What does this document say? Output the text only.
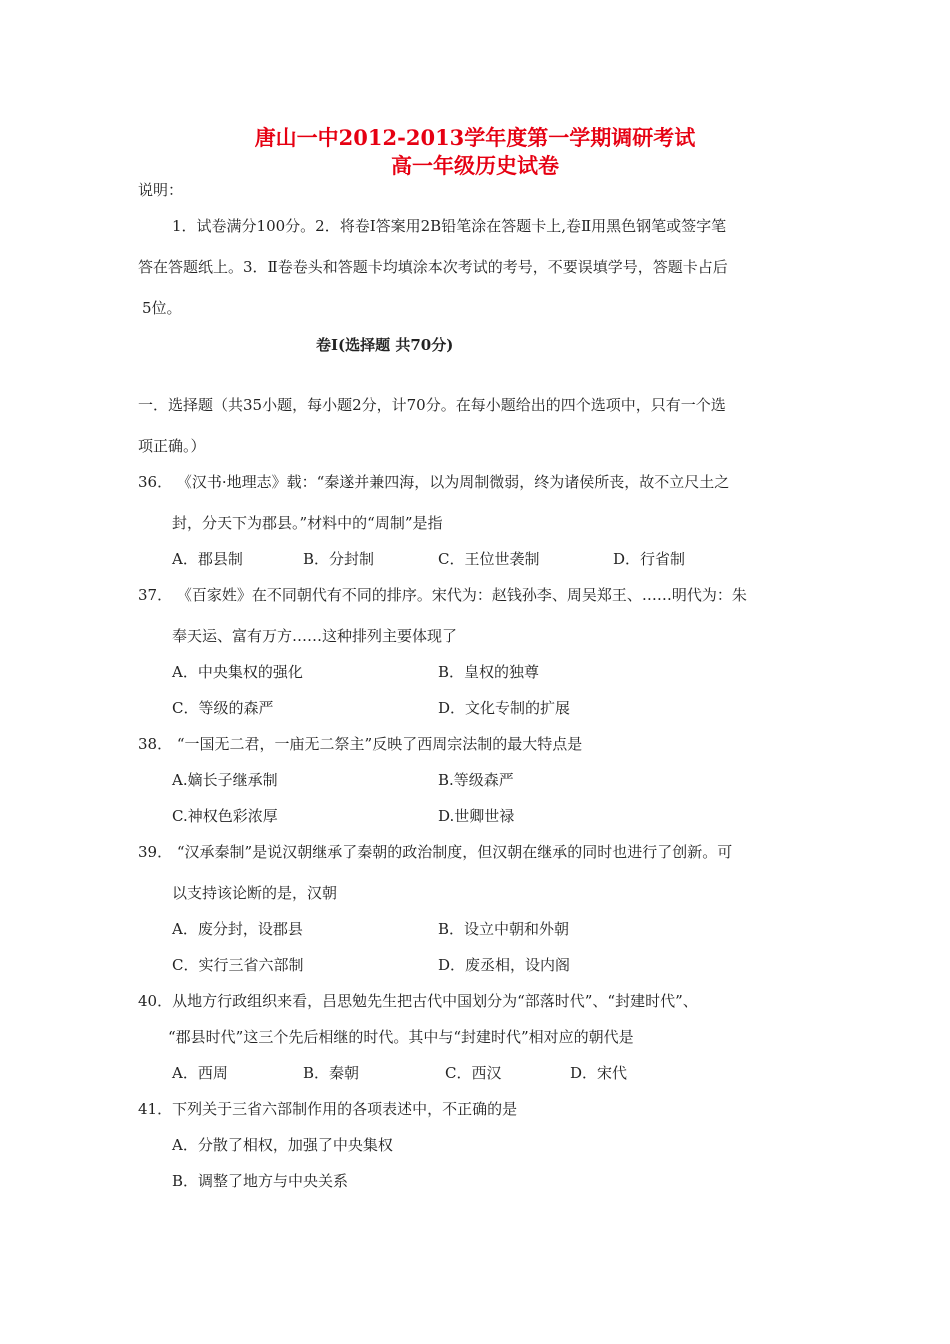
唐山一中2012-2013学年度第一学期调研考试
高一年级历史试卷
说明：
1．试卷满分100分。2．将卷Ⅰ答案用2B铅笔涂在答题卡上,卷Ⅱ用黑色钢笔或签字笔
答在答题纸上。3．Ⅱ卷卷头和答题卡均填涂本次考试的考号，不要误填学号，答题卡占后
5位。
卷Ⅰ(选择题 共70分)
一．选择题（共35小题，每小题2分，计70分。在每小题给出的四个选项中，只有一个选
项正确。）
36． 《汉书·地理志》载：“秦遂并兼四海，以为周制微弱，终为诸侯所丧，故不立尺土之
封，分天下为郡县。”材料中的“周制”是指
A．郡县制	B．分封制	C．王位世袭制	D．行省制
37． 《百家姓》在不同朝代有不同的排序。宋代为：赵钱孙李、周吴郑王、……明代为：朱
奉天运、富有万方……这种排列主要体现了
A．中央集权的强化	B．皇权的独尊
C．等级的森严	D．文化专制的扩展
38． “一国无二君，一庙无二祭主”反映了西周宗法制的最大特点是
A.嫡长子继承制	B.等级森严
C.神权色彩浓厚	D.世卿世禄
39． “汉承秦制”是说汉朝继承了秦朝的政治制度，但汉朝在继承的同时也进行了创新。可
以支持该论断的是，汉朝
A．废分封，设郡县	B．设立中朝和外朝
C．实行三省六部制	D．废丞相，设内阁
40．从地方行政组织来看，吕思勉先生把古代中国划分为“部落时代”、“封建时代”、
“郡县时代”这三个先后相继的时代。其中与“封建时代”相对应的朝代是
A．西周	B．秦朝	C．西汉	D．宋代
41．下列关于三省六部制作用的各项表述中，不正确的是
A．分散了相权，加强了中央集权
B．调整了地方与中央关系
